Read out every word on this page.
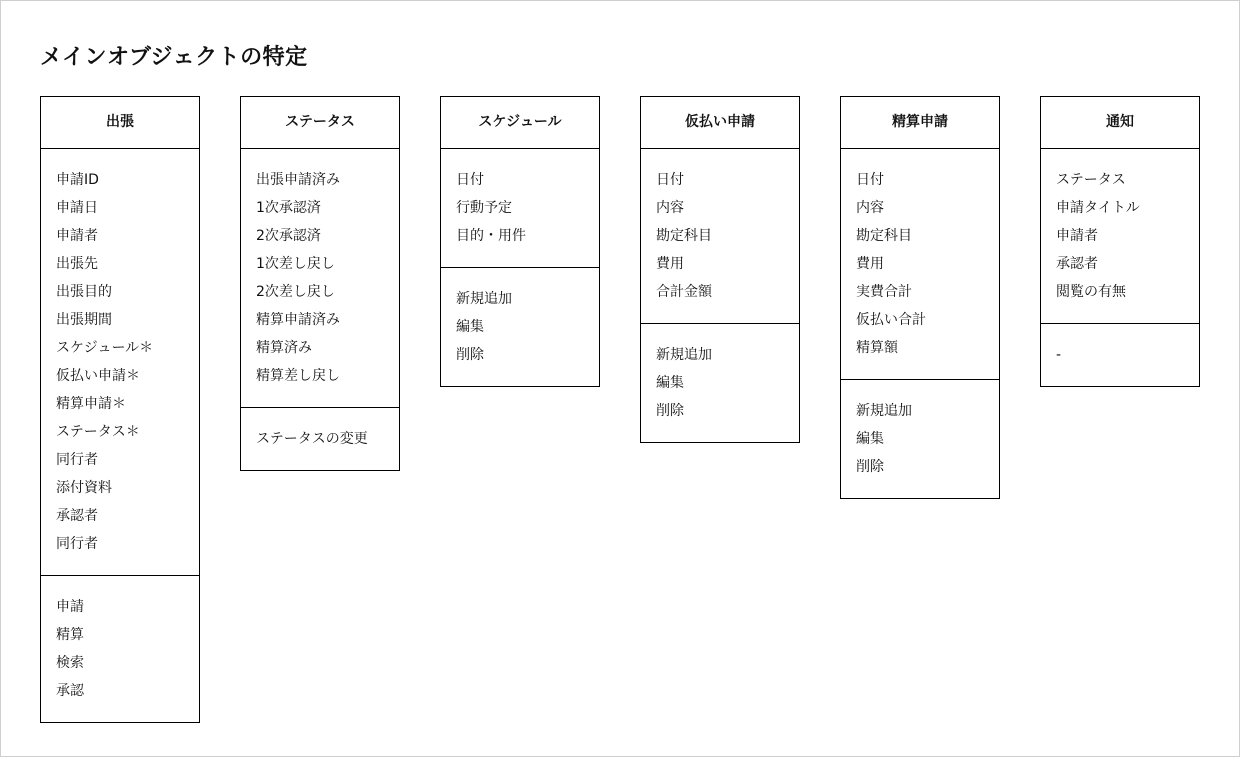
メインオブジェクトの特定
出張
申請ID
申請日
申請者
出張先
出張目的
出張期間
スケジュール＊
仮払い申請＊
精算申請＊
ステータス＊
同行者
添付資料
承認者
同行者
申請
精算
検索
承認
ステータス
出張申請済み
1次承認済
2次承認済
1次差し戻し
2次差し戻し
精算申請済み
精算済み
精算差し戻し
ステータスの変更
スケジュール
日付
行動予定
目的・用件
新規追加
編集
削除
仮払い申請
日付
内容
勘定科目
費用
合計金額
新規追加
編集
削除
精算申請
日付
内容
勘定科目
費用
実費合計
仮払い合計
精算額
新規追加
編集
削除
通知
ステータス
申請タイトル
申請者
承認者
閲覧の有無
-
